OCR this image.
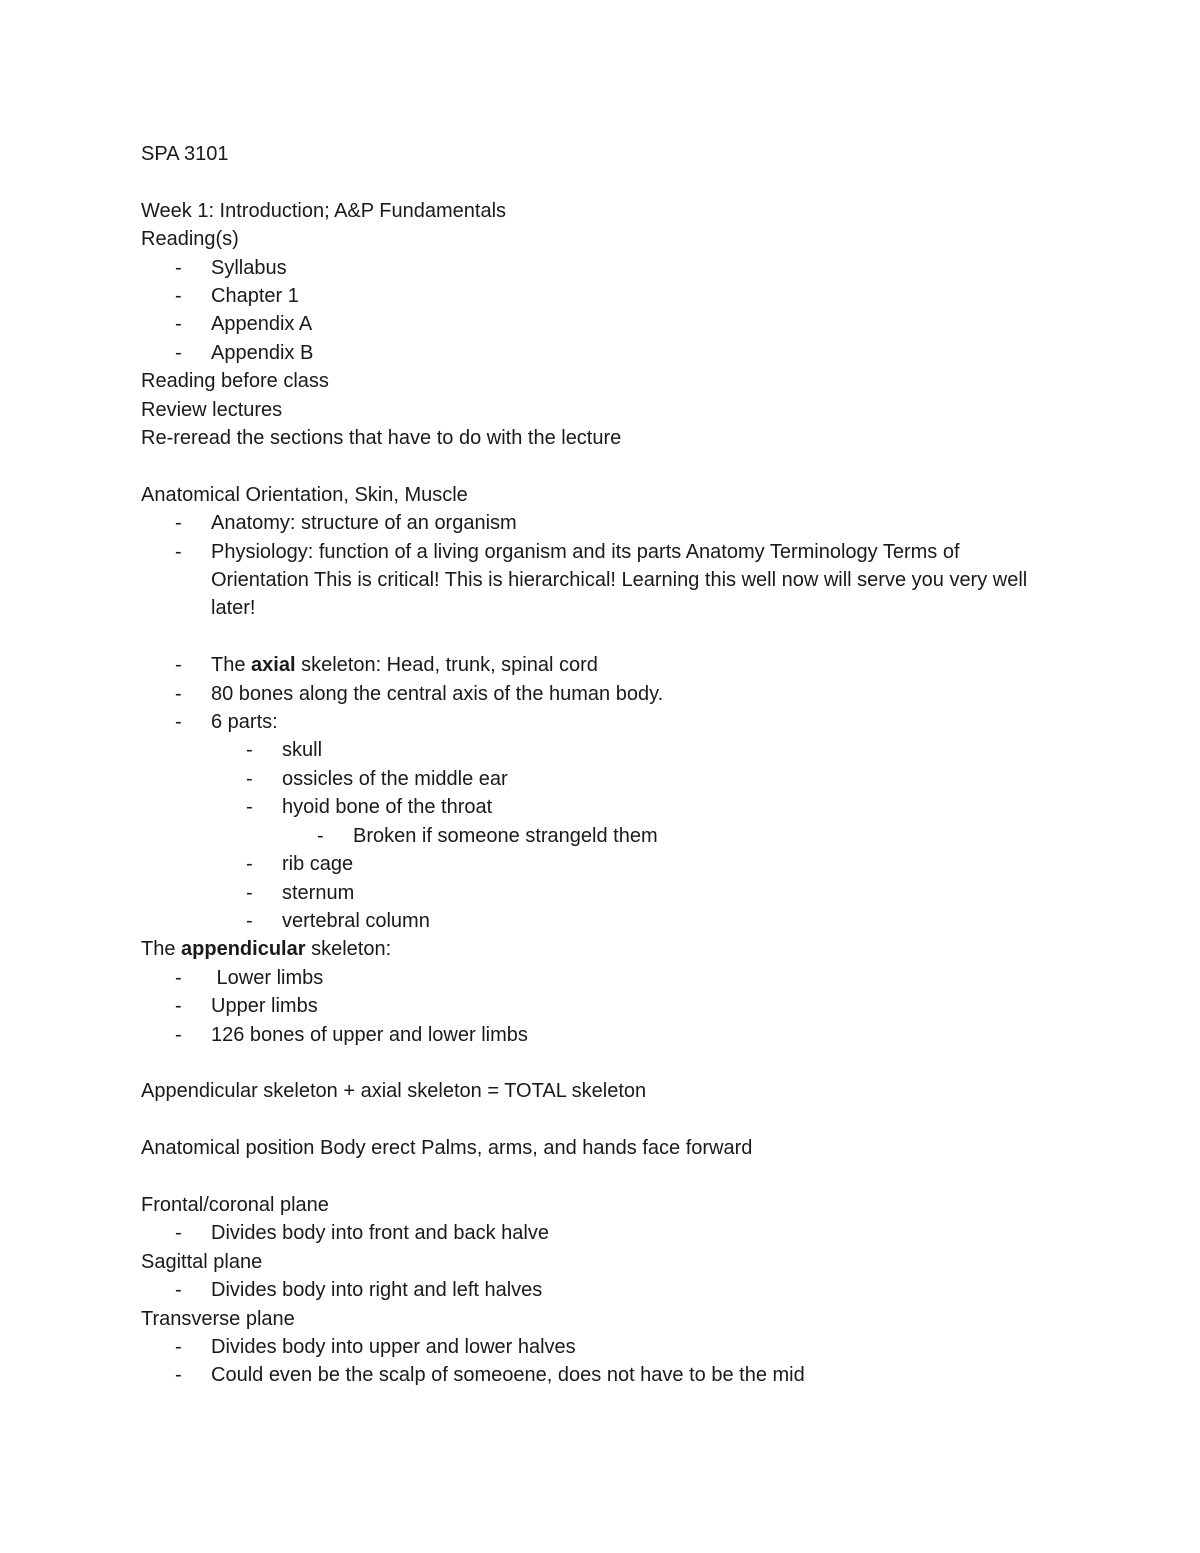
SPA 3101
Week 1: Introduction; A&P Fundamentals
Reading(s)
- Syllabus
- Chapter 1
- Appendix A
- Appendix B
Reading before class
Review lectures
Re-reread the sections that have to do with the lecture
Anatomical Orientation, Skin, Muscle
- Anatomy: structure of an organism
- Physiology: function of a living organism and its parts Anatomy Terminology Terms of Orientation This is critical! This is hierarchical! Learning this well now will serve you very well later!
- The axial skeleton: Head, trunk, spinal cord
- 80 bones along the central axis of the human body.
- 6 parts:
- skull
- ossicles of the middle ear
- hyoid bone of the throat
- Broken if someone strangeld them
- rib cage
- sternum
- vertebral column
The appendicular skeleton:
- Lower limbs
- Upper limbs
- 126 bones of upper and lower limbs
Appendicular skeleton + axial skeleton = TOTAL skeleton
Anatomical position Body erect Palms, arms, and hands face forward
Frontal/coronal plane
- Divides body into front and back halve
Sagittal plane
- Divides body into right and left halves
Transverse plane
- Divides body into upper and lower halves
- Could even be the scalp of someoene, does not have to be the mid
